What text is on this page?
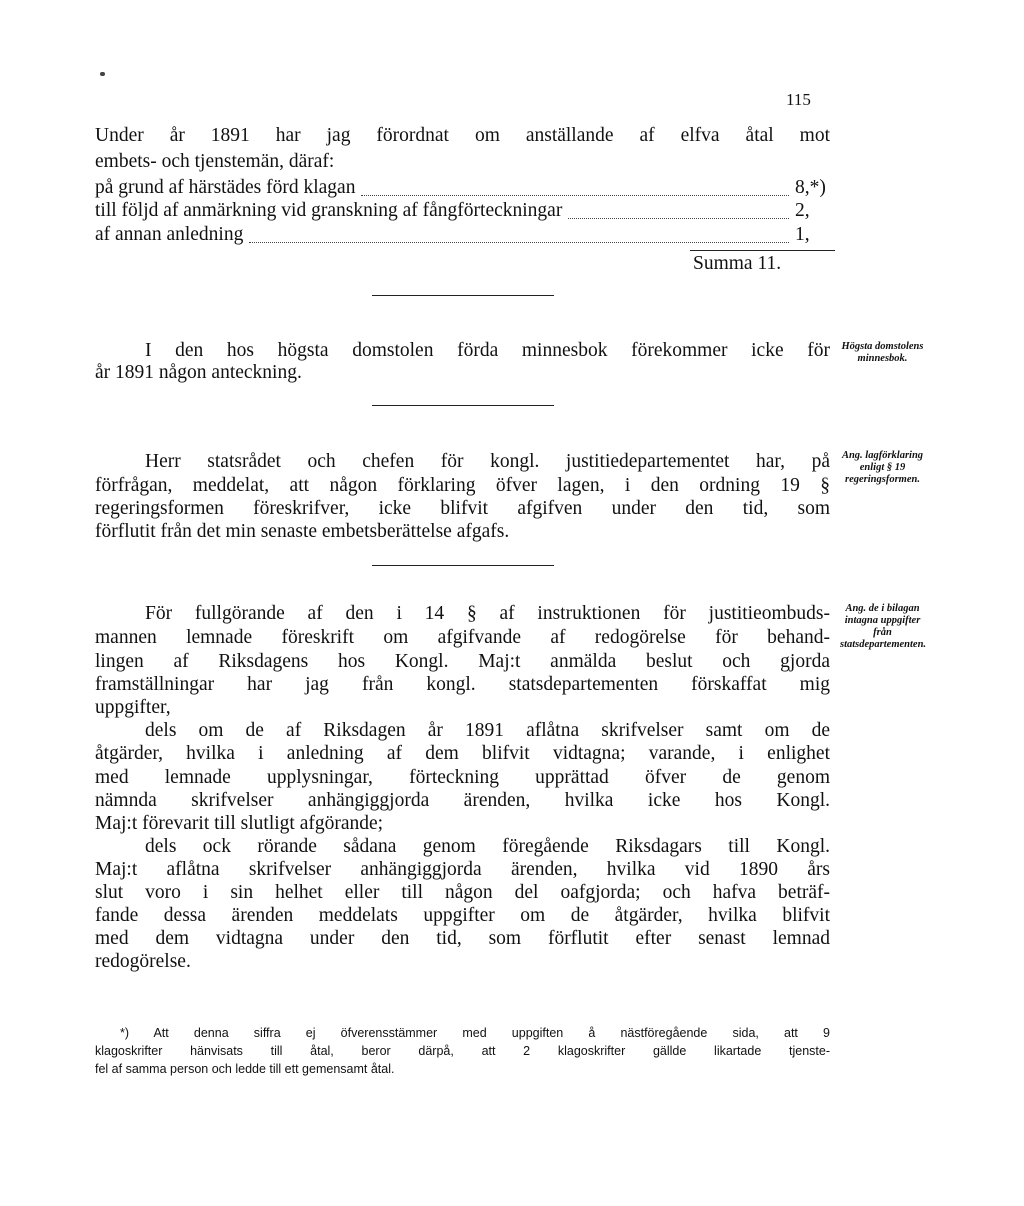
115
Under år 1891 har jag förordnat om anställande af elfva åtal mot
embets- och tjenstemän, däraf:
på grund af härstädes förd klagan	8,*)
till följd af anmärkning vid granskning af fångförteckningar	2,
af annan anledning	1,
Summa 11.
I den hos högsta domstolen förda minnesbok förekommer icke för
år 1891 någon anteckning.
Högsta domstolens minnesbok.
Herr statsrådet och chefen för kongl. justitiedepartementet har, på
förfrågan, meddelat, att någon förklaring öfver lagen, i den ordning 19 §
regeringsformen föreskrifver, icke blifvit afgifven under den tid, som
förflutit från det min senaste embetsberättelse afgafs.
Ang. lagförklaring enligt § 19 regeringsformen.
För fullgörande af den i 14 § af instruktionen för justitieombuds-
mannen lemnade föreskrift om afgifvande af redogörelse för behand-
lingen af Riksdagens hos Kongl. Maj:t anmälda beslut och gjorda
framställningar har jag från kongl. statsdepartementen förskaffat mig
uppgifter,
dels om de af Riksdagen år 1891 aflåtna skrifvelser samt om de
åtgärder, hvilka i anledning af dem blifvit vidtagna; varande, i enlighet
med lemnade upplysningar, förteckning upprättad öfver de genom
nämnda skrifvelser anhängiggjorda ärenden, hvilka icke hos Kongl.
Maj:t förevarit till slutligt afgörande;
dels ock rörande sådana genom föregående Riksdagars till Kongl.
Maj:t aflåtna skrifvelser anhängiggjorda ärenden, hvilka vid 1890 års
slut voro i sin helhet eller till någon del oafgjorda; och hafva beträf-
fande dessa ärenden meddelats uppgifter om de åtgärder, hvilka blifvit
med dem vidtagna under den tid, som förflutit efter senast lemnad
redogörelse.
Ang. de i bilagan intagna uppgifter från statsdepartementen.
*) Att denna siffra ej öfverensstämmer med uppgiften å nästföregående sida, att 9
klagoskrifter hänvisats till åtal, beror därpå, att 2 klagoskrifter gällde likartade tjenste-
fel af samma person och ledde till ett gemensamt åtal.
